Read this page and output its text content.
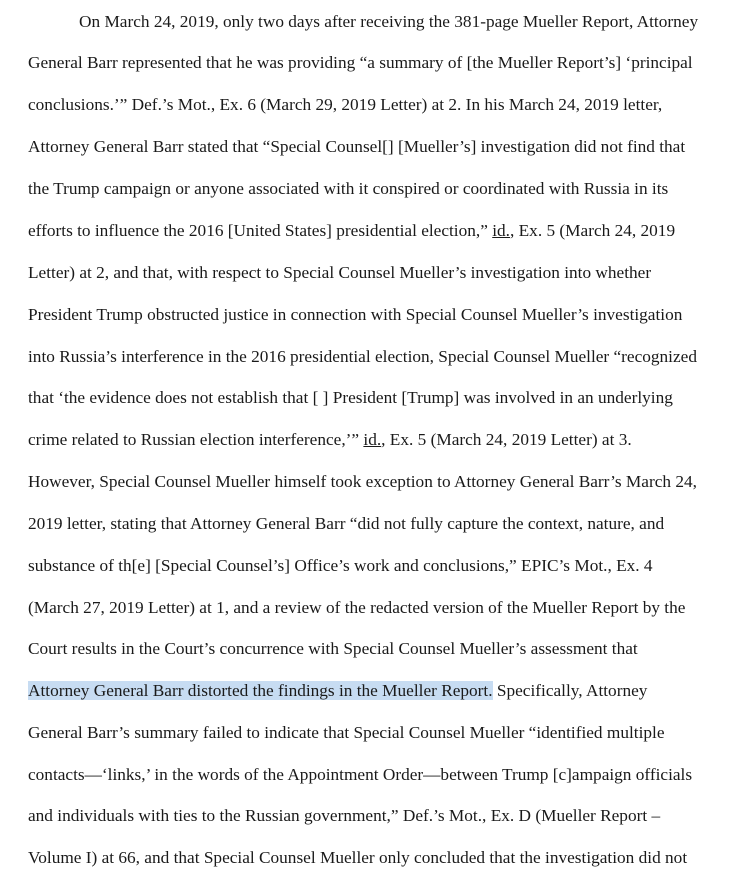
On March 24, 2019, only two days after receiving the 381-page Mueller Report, Attorney
General Barr represented that he was providing “a summary of [the Mueller Report’s] ‘principal
conclusions.’” Def.’s Mot., Ex. 6 (March 29, 2019 Letter) at 2. In his March 24, 2019 letter,
Attorney General Barr stated that “Special Counsel[] [Mueller’s] investigation did not find that
the Trump campaign or anyone associated with it conspired or coordinated with Russia in its
efforts to influence the 2016 [United States] presidential election,” id., Ex. 5 (March 24, 2019
Letter) at 2, and that, with respect to Special Counsel Mueller’s investigation into whether
President Trump obstructed justice in connection with Special Counsel Mueller’s investigation
into Russia’s interference in the 2016 presidential election, Special Counsel Mueller “recognized
that ‘the evidence does not establish that [ ] President [Trump] was involved in an underlying
crime related to Russian election interference,’” id., Ex. 5 (March 24, 2019 Letter) at 3.
However, Special Counsel Mueller himself took exception to Attorney General Barr’s March 24,
2019 letter, stating that Attorney General Barr “did not fully capture the context, nature, and
substance of th[e] [Special Counsel’s] Office’s work and conclusions,” EPIC’s Mot., Ex. 4
(March 27, 2019 Letter) at 1, and a review of the redacted version of the Mueller Report by the
Court results in the Court’s concurrence with Special Counsel Mueller’s assessment that
Attorney General Barr distorted the findings in the Mueller Report. Specifically, Attorney
General Barr’s summary failed to indicate that Special Counsel Mueller “identified multiple
contacts—‘links,’ in the words of the Appointment Order—between Trump [c]ampaign officials
and individuals with ties to the Russian government,” Def.’s Mot., Ex. D (Mueller Report –
Volume I) at 66, and that Special Counsel Mueller only concluded that the investigation did not
